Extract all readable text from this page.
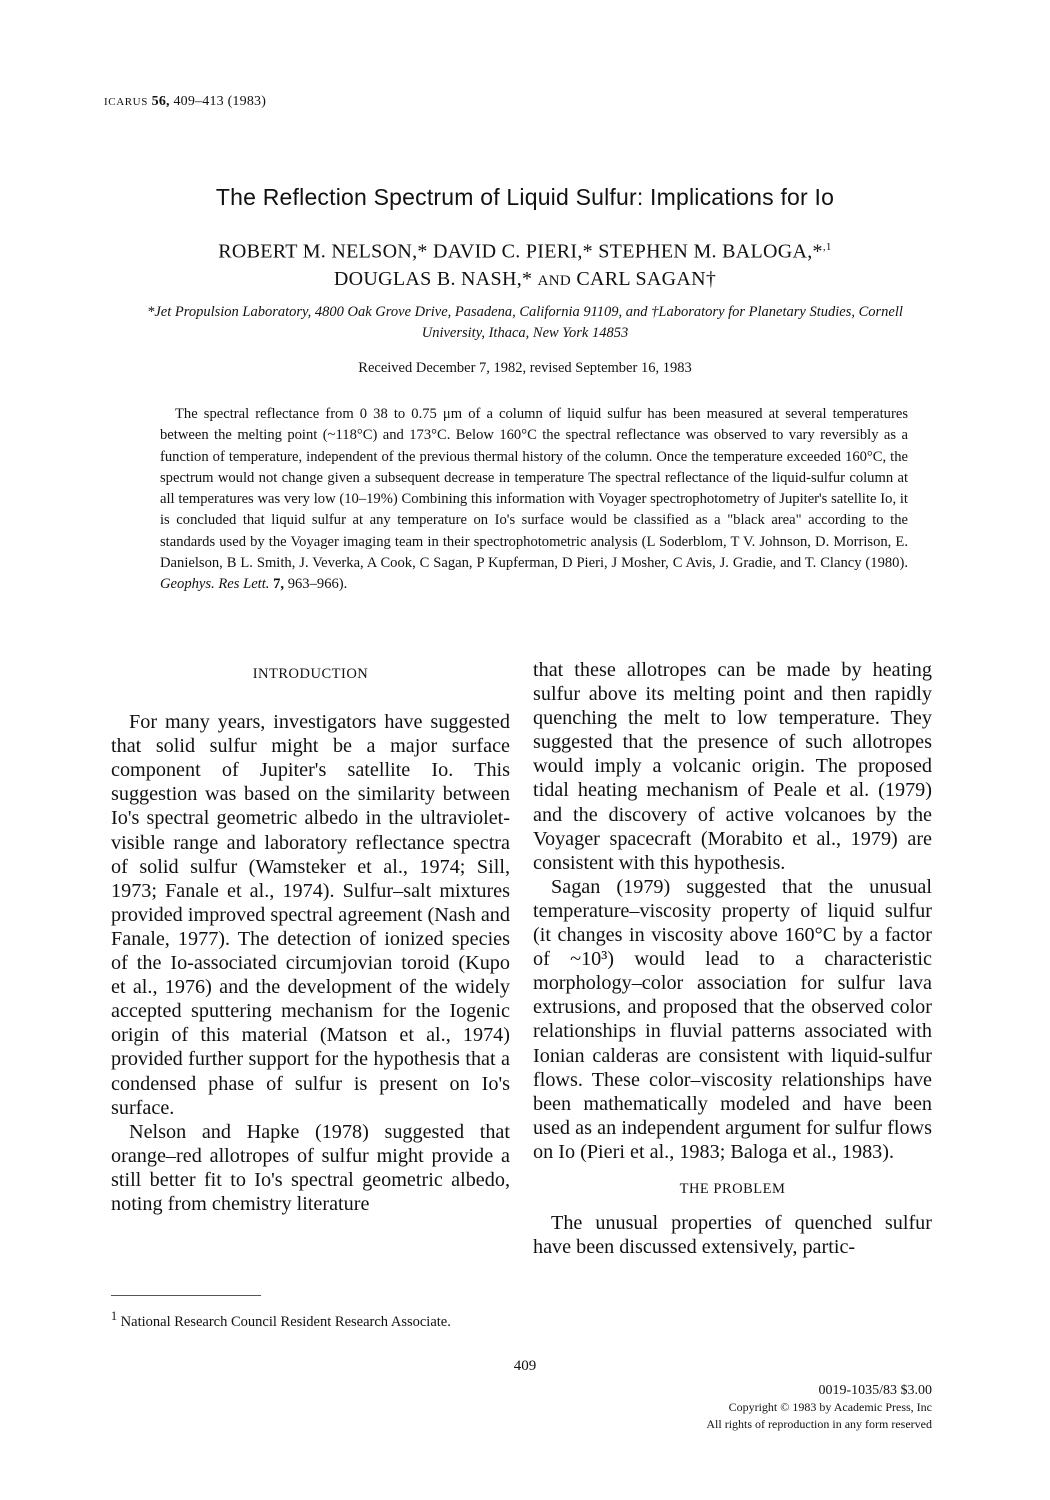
ICARUS 56, 409–413 (1983)
The Reflection Spectrum of Liquid Sulfur: Implications for Io
ROBERT M. NELSON,* DAVID C. PIERI,* STEPHEN M. BALOGA,*$^{,1}$
DOUGLAS B. NASH,* AND CARL SAGAN†
*Jet Propulsion Laboratory, 4800 Oak Grove Drive, Pasadena, California 91109, and †Laboratory for Planetary Studies, Cornell University, Ithaca, New York 14853
Received December 7, 1982, revised September 16, 1983

The spectral reflectance from 0 38 to 0.75 μm of a column of liquid sulfur has been measured at several temperatures between the melting point (~118°C) and 173°C. Below 160°C the spectral reflectance was observed to vary reversibly as a function of temperature, independent of the previous thermal history of the column. Once the temperature exceeded 160°C, the spectrum would not change given a subsequent decrease in temperature The spectral reflectance of the liquid-sulfur column at all temperatures was very low (10–19%) Combining this information with Voyager spectrophotometry of Jupiter's satellite Io, it is concluded that liquid sulfur at any temperature on Io's surface would be classified as a "black area" according to the standards used by the Voyager imaging team in their spectrophotometric analysis (L Soderblom, T V. Johnson, D. Morrison, E. Danielson, B L. Smith, J. Veverka, A Cook, C Sagan, P Kupferman, D Pieri, J Mosher, C Avis, J. Gradie, and T. Clancy (1980). Geophys. Res Lett. 7, 963–966).

INTRODUCTION

For many years, investigators have suggested that solid sulfur might be a major surface component of Jupiter's satellite Io. This suggestion was based on the similarity between Io's spectral geometric albedo in the ultraviolet-visible range and laboratory reflectance spectra of solid sulfur (Wamsteker et al., 1974; Sill, 1973; Fanale et al., 1974). Sulfur–salt mixtures provided improved spectral agreement (Nash and Fanale, 1977). The detection of ionized species of the Io-associated circumjovian toroid (Kupo et al., 1976) and the development of the widely accepted sputtering mechanism for the Iogenic origin of this material (Matson et al., 1974) provided further support for the hypothesis that a condensed phase of sulfur is present on Io's surface.

Nelson and Hapke (1978) suggested that orange–red allotropes of sulfur might provide a still better fit to Io's spectral geometric albedo, noting from chemistry literature

that these allotropes can be made by heating sulfur above its melting point and then rapidly quenching the melt to low temperature. They suggested that the presence of such allotropes would imply a volcanic origin. The proposed tidal heating mechanism of Peale et al. (1979) and the discovery of active volcanoes by the Voyager spacecraft (Morabito et al., 1979) are consistent with this hypothesis.

Sagan (1979) suggested that the unusual temperature–viscosity property of liquid sulfur (it changes in viscosity above 160°C by a factor of ~10³) would lead to a characteristic morphology–color association for sulfur lava extrusions, and proposed that the observed color relationships in fluvial patterns associated with Ionian calderas are consistent with liquid-sulfur flows. These color–viscosity relationships have been mathematically modeled and have been used as an independent argument for sulfur flows on Io (Pieri et al., 1983; Baloga et al., 1983).

THE PROBLEM

The unusual properties of quenched sulfur have been discussed extensively, partic-

$^1$ National Research Council Resident Research Associate.
409
0019-1035/83 $3.00
Copyright © 1983 by Academic Press, Inc
All rights of reproduction in any form reserved
